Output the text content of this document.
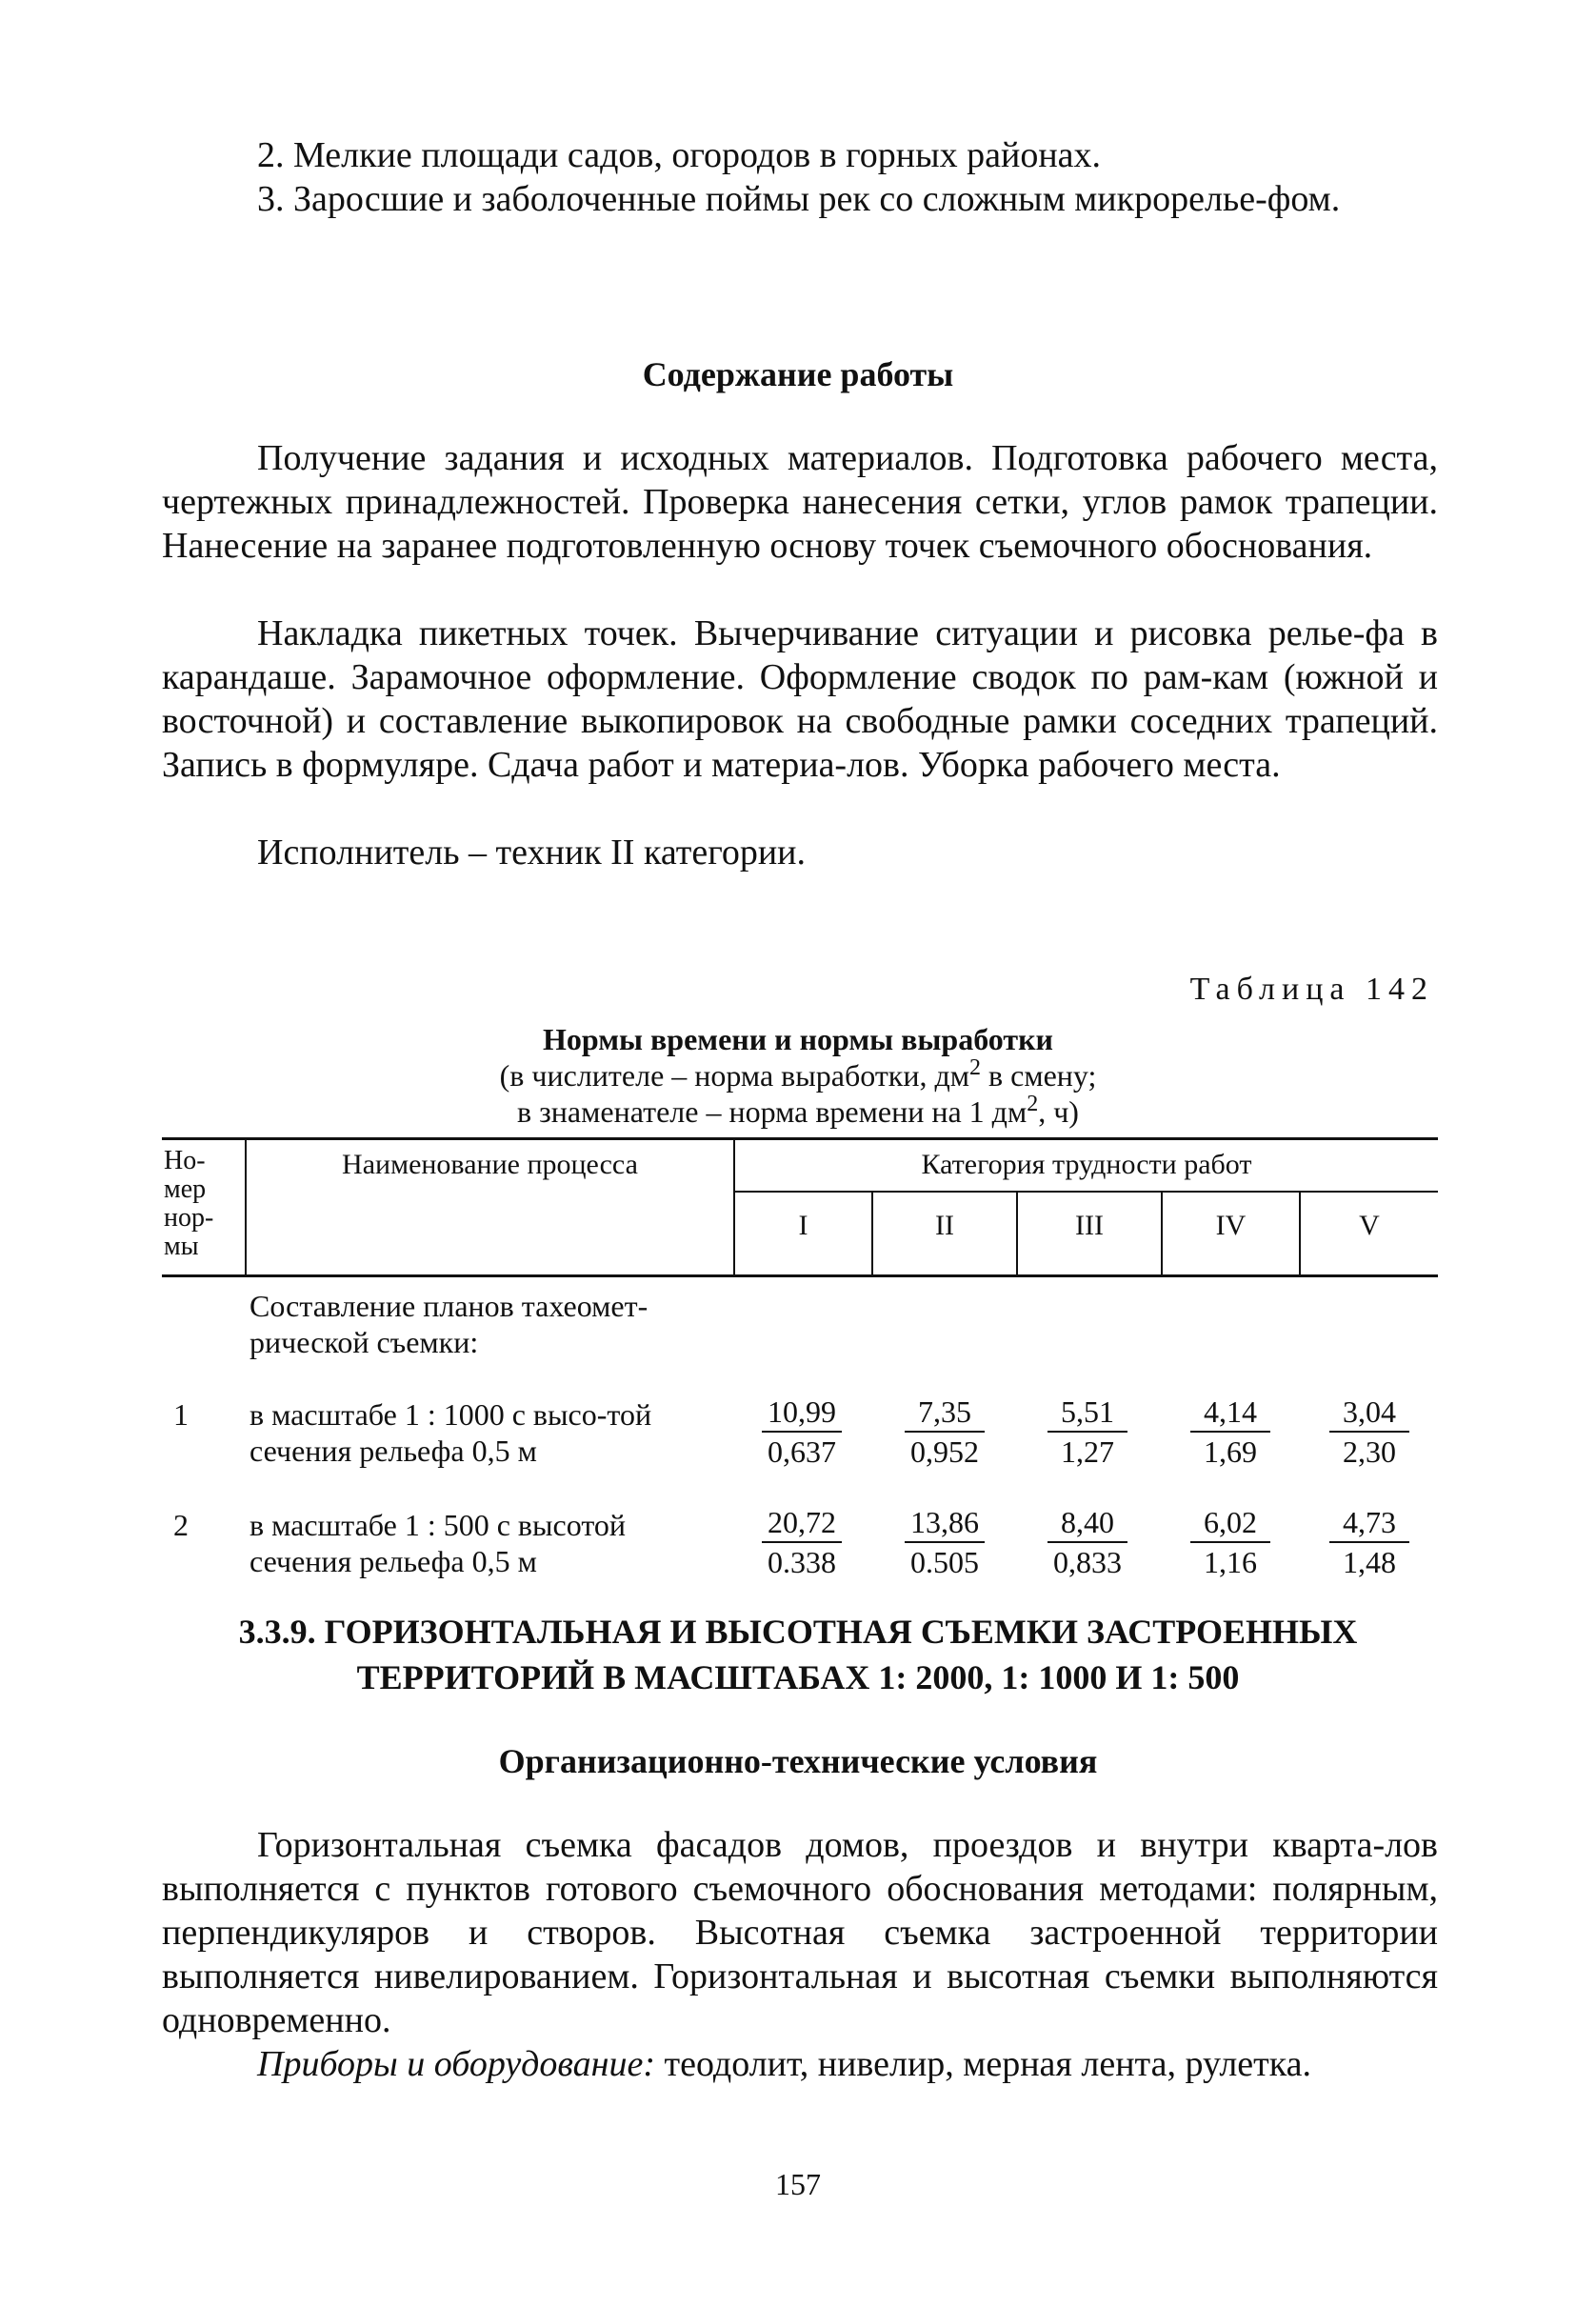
2. Мелкие площади садов, огородов в горных районах.
3. Заросшие и заболоченные поймы рек со сложным микрорелье-фом.
Содержание работы
Получение задания и исходных материалов. Подготовка рабочего места, чертежных принадлежностей. Проверка нанесения сетки, углов рамок трапеции. Нанесение на заранее подготовленную основу точек съемочного обоснования.
Накладка пикетных точек. Вычерчивание ситуации и рисовка релье-фа в карандаше. Зарамочное оформление. Оформление сводок по рам-кам (южной и восточной) и составление выкопировок на свободные рамки соседних трапеций. Запись в формуляре. Сдача работ и материа-лов. Уборка рабочего места.
Исполнитель – техник II категории.
Таблица 142
Нормы времени и нормы выработки
(в числителе – норма выработки, $дм^2$ в смену;
в знаменателе – норма времени на 1 $дм^2$, ч)
Но-мер нор-мы
Наименование процесса	Категория трудности работ
I	II	III	IV	V
Составление планов тахеомет-рической съемки:
1	в масштабе 1 : 1000 с высо-той сечения рельефа 0,5 м	$\frac{10,99}{0,637} \frac{7,35}{0,952} \frac{5,51}{1,27} \frac{4,14}{1,69} \frac{3,04}{2,30}$
2	в масштабе 1 : 500 с высотой сечения рельефа 0,5 м	$\frac{20,72}{0.338} \frac{13,86}{0.505} \frac{8,40}{0,833} \frac{6,02}{1,16} \frac{4,73}{1,48}$
3.3.9. ГОРИЗОНТАЛЬНАЯ И ВЫСОТНАЯ СЪЕМКИ ЗАСТРОЕННЫХ
ТЕРРИТОРИЙ В МАСШТАБАХ 1: 2000, 1: 1000 И 1: 500
Организационно-технические условия
Горизонтальная съемка фасадов домов, проездов и внутри кварта-лов выполняется с пунктов готового съемочного обоснования методами: полярным, перпендикуляров и створов. Высотная съемка застроенной территории выполняется нивелированием. Горизонтальная и высотная съемки выполняются одновременно.
Приборы и оборудование: теодолит, нивелир, мерная лента, рулетка.
157
